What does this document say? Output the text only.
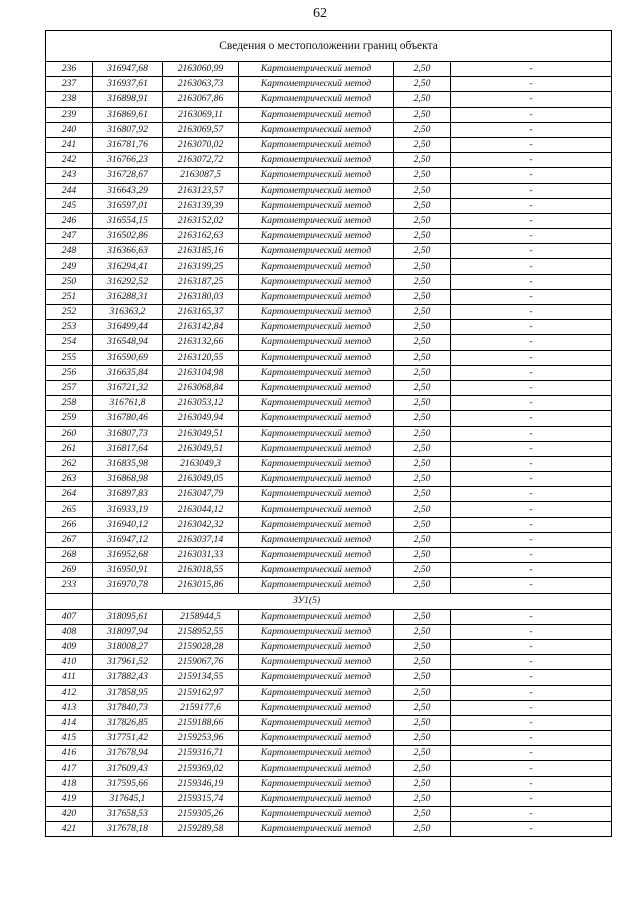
62
Сведения о местоположении границ объекта					
236	316947,68	2163060,99	Картометрический метод	2,50	-
237	316937,61	2163063,73	Картометрический метод	2,50	-
238	316898,91	2163067,86	Картометрический метод	2,50	-
239	316869,61	2163069,11	Картометрический метод	2,50	-
240	316807,92	2163069,57	Картометрический метод	2,50	-
241	316781,76	2163070,02	Картометрический метод	2,50	-
242	316766,23	2163072,72	Картометрический метод	2,50	-
243	316728,67	2163087,5	Картометрический метод	2,50	-
244	316643,29	2163123,57	Картометрический метод	2,50	-
245	316597,01	2163139,39	Картометрический метод	2,50	-
246	316554,15	2163152,02	Картометрический метод	2,50	-
247	316502,86	2163162,63	Картометрический метод	2,50	-
248	316366,63	2163185,16	Картометрический метод	2,50	-
249	316294,41	2163199,25	Картометрический метод	2,50	-
250	316292,52	2163187,25	Картометрический метод	2,50	-
251	316288,31	2163180,03	Картометрический метод	2,50	-
252	316363,2	2163165,37	Картометрический метод	2,50	-
253	316499,44	2163142,84	Картометрический метод	2,50	-
254	316548,94	2163132,66	Картометрический метод	2,50	-
255	316590,69	2163120,55	Картометрический метод	2,50	-
256	316635,84	2163104,98	Картометрический метод	2,50	-
257	316721,32	2163068,84	Картометрический метод	2,50	-
258	316761,8	2163053,12	Картометрический метод	2,50	-
259	316780,46	2163049,94	Картометрический метод	2,50	-
260	316807,73	2163049,51	Картометрический метод	2,50	-
261	316817,64	2163049,51	Картометрический метод	2,50	-
262	316835,98	2163049,3	Картометрический метод	2,50	-
263	316868,98	2163049,05	Картометрический метод	2,50	-
264	316897,83	2163047,79	Картометрический метод	2,50	-
265	316933,19	2163044,12	Картометрический метод	2,50	-
266	316940,12	2163042,32	Картометрический метод	2,50	-
267	316947,12	2163037,14	Картометрический метод	2,50	-
268	316952,68	2163031,33	Картометрический метод	2,50	-
269	316950,91	2163018,55	Картометрический метод	2,50	-
233	316970,78	2163015,86	Картометрический метод	2,50	-
	ЗУ1(5)				
407	318095,61	2158944,5	Картометрический метод	2,50	-
408	318097,94	2158952,55	Картометрический метод	2,50	-
409	318008,27	2159028,28	Картометрический метод	2,50	-
410	317961,52	2159067,76	Картометрический метод	2,50	-
411	317882,43	2159134,55	Картометрический метод	2,50	-
412	317858,95	2159162,97	Картометрический метод	2,50	-
413	317840,73	2159177,6	Картометрический метод	2,50	-
414	317826,85	2159188,66	Картометрический метод	2,50	-
415	317751,42	2159253,96	Картометрический метод	2,50	-
416	317678,94	2159316,71	Картометрический метод	2,50	-
417	317609,43	2159369,02	Картометрический метод	2,50	-
418	317595,66	2159346,19	Картометрический метод	2,50	-
419	317645,1	2159315,74	Картометрический метод	2,50	-
420	317658,53	2159305,26	Картометрический метод	2,50	-
421	317678,18	2159289,58	Картометрический метод	2,50	-
